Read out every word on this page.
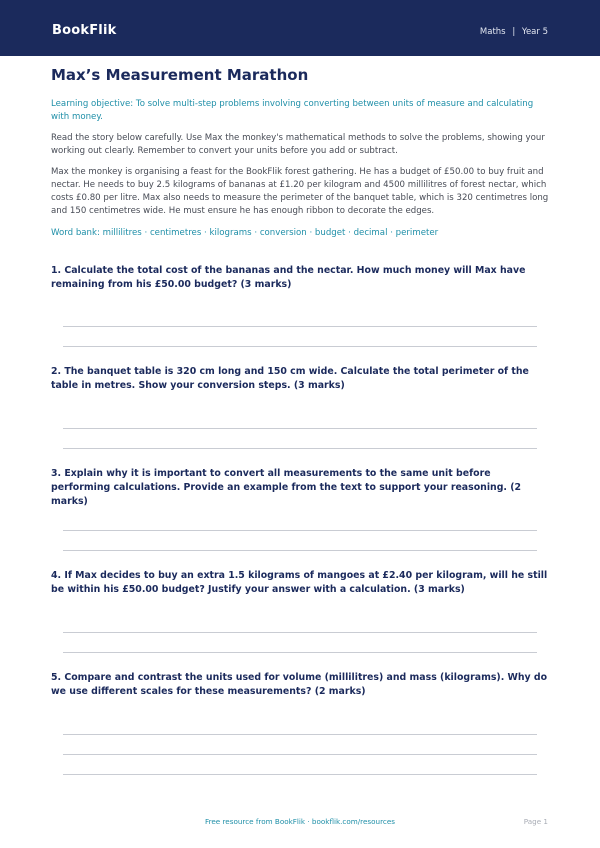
BookFlik	Maths | Year 5
Max’s Measurement Marathon
Learning objective: To solve multi-step problems involving converting between units of measure and calculating with money.
Read the story below carefully. Use Max the monkey's mathematical methods to solve the problems, showing your working out clearly. Remember to convert your units before you add or subtract.
Max the monkey is organising a feast for the BookFlik forest gathering. He has a budget of £50.00 to buy fruit and nectar. He needs to buy 2.5 kilograms of bananas at £1.20 per kilogram and 4500 millilitres of forest nectar, which costs £0.80 per litre. Max also needs to measure the perimeter of the banquet table, which is 320 centimetres long and 150 centimetres wide. He must ensure he has enough ribbon to decorate the edges.
Word bank: millilitres · centimetres · kilograms · conversion · budget · decimal · perimeter
1. Calculate the total cost of the bananas and the nectar. How much money will Max have remaining from his £50.00 budget? (3 marks)
2. The banquet table is 320 cm long and 150 cm wide. Calculate the total perimeter of the table in metres. Show your conversion steps. (3 marks)
3. Explain why it is important to convert all measurements to the same unit before performing calculations. Provide an example from the text to support your reasoning. (2 marks)
4. If Max decides to buy an extra 1.5 kilograms of mangoes at £2.40 per kilogram, will he still be within his £50.00 budget? Justify your answer with a calculation. (3 marks)
5. Compare and contrast the units used for volume (millilitres) and mass (kilograms). Why do we use different scales for these measurements? (2 marks)
Free resource from BookFlik · bookflik.com/resources	Page 1
